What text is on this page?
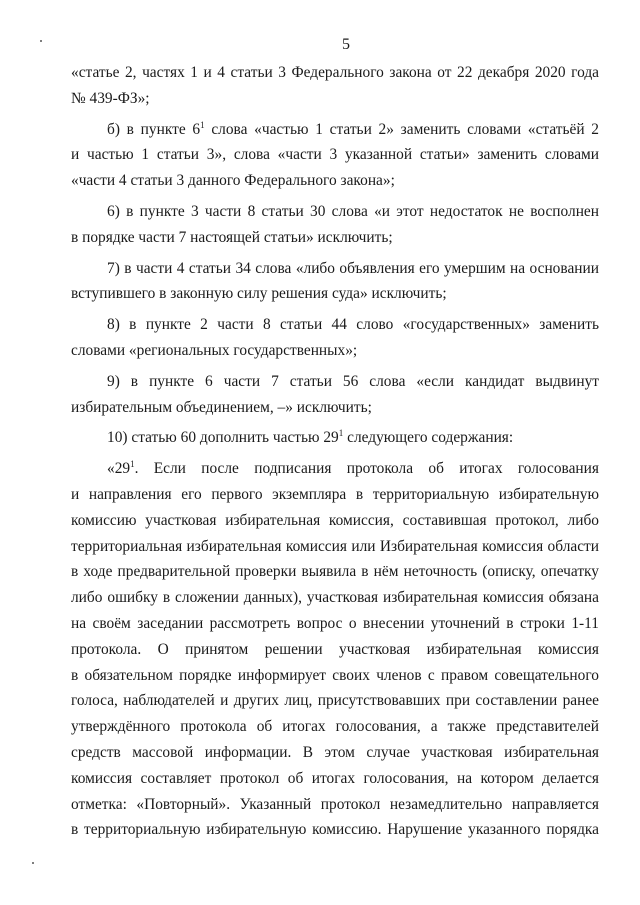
5
«статье 2, частях 1 и 4 статьи 3 Федерального закона от 22 декабря 2020 года
№ 439-ФЗ»;
б) в пункте $6^1$ слова «частью 1 статьи 2» заменить словами «статьёй 2
и частью 1 статьи 3», слова «части 3 указанной статьи» заменить словами
«части 4 статьи 3 данного Федерального закона»;
6) в пункте 3 части 8 статьи 30 слова «и этот недостаток не восполнен
в порядке части 7 настоящей статьи» исключить;
7) в части 4 статьи 34 слова «либо объявления его умершим на основании
вступившего в законную силу решения суда» исключить;
8) в пункте 2 части 8 статьи 44 слово «государственных» заменить
словами «региональных государственных»;
9) в пункте 6 части 7 статьи 56 слова «если кандидат выдвинут
избирательным объединением, –» исключить;
10) статью 60 дополнить частью $29^1$ следующего содержания:
«$29^1$. Если после подписания протокола об итогах голосования
и направления его первого экземпляра в территориальную избирательную
комиссию участковая избирательная комиссия, составившая протокол, либо
территориальная избирательная комиссия или Избирательная комиссия области
в ходе предварительной проверки выявила в нём неточность (описку, опечатку
либо ошибку в сложении данных), участковая избирательная комиссия обязана
на своём заседании рассмотреть вопрос о внесении уточнений в строки 1-11
протокола. О принятом решении участковая избирательная комиссия
в обязательном порядке информирует своих членов с правом совещательного
голоса, наблюдателей и других лиц, присутствовавших при составлении ранее
утверждённого протокола об итогах голосования, а также представителей
средств массовой информации. В этом случае участковая избирательная
комиссия составляет протокол об итогах голосования, на котором делается
отметка: «Повторный». Указанный протокол незамедлительно направляется
в территориальную избирательную комиссию. Нарушение указанного порядка
